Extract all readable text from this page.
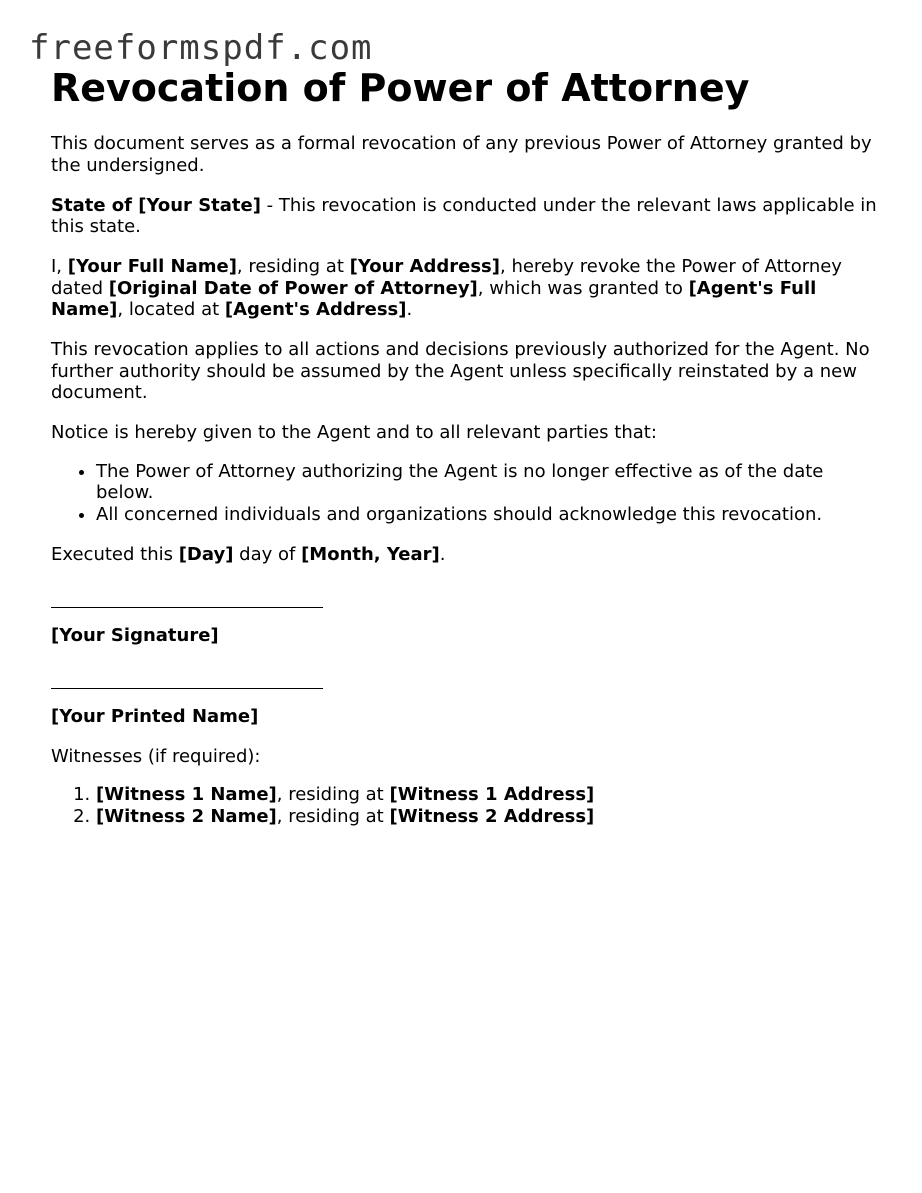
freeformspdf.com
Revocation of Power of Attorney

This document serves as a formal revocation of any previous Power of Attorney granted by the undersigned.

State of [Your State] - This revocation is conducted under the relevant laws applicable in this state.

I, [Your Full Name], residing at [Your Address], hereby revoke the Power of Attorney dated [Original Date of Power of Attorney], which was granted to [Agent's Full Name], located at [Agent's Address].

This revocation applies to all actions and decisions previously authorized for the Agent. No further authority should be assumed by the Agent unless specifically reinstated by a new document.

Notice is hereby given to the Agent and to all relevant parties that:

• The Power of Attorney authorizing the Agent is no longer effective as of the date below.
• All concerned individuals and organizations should acknowledge this revocation.

Executed this [Day] day of [Month, Year].

[Your Signature]

[Your Printed Name]

Witnesses (if required):

1. [Witness 1 Name], residing at [Witness 1 Address]
2. [Witness 2 Name], residing at [Witness 2 Address]
